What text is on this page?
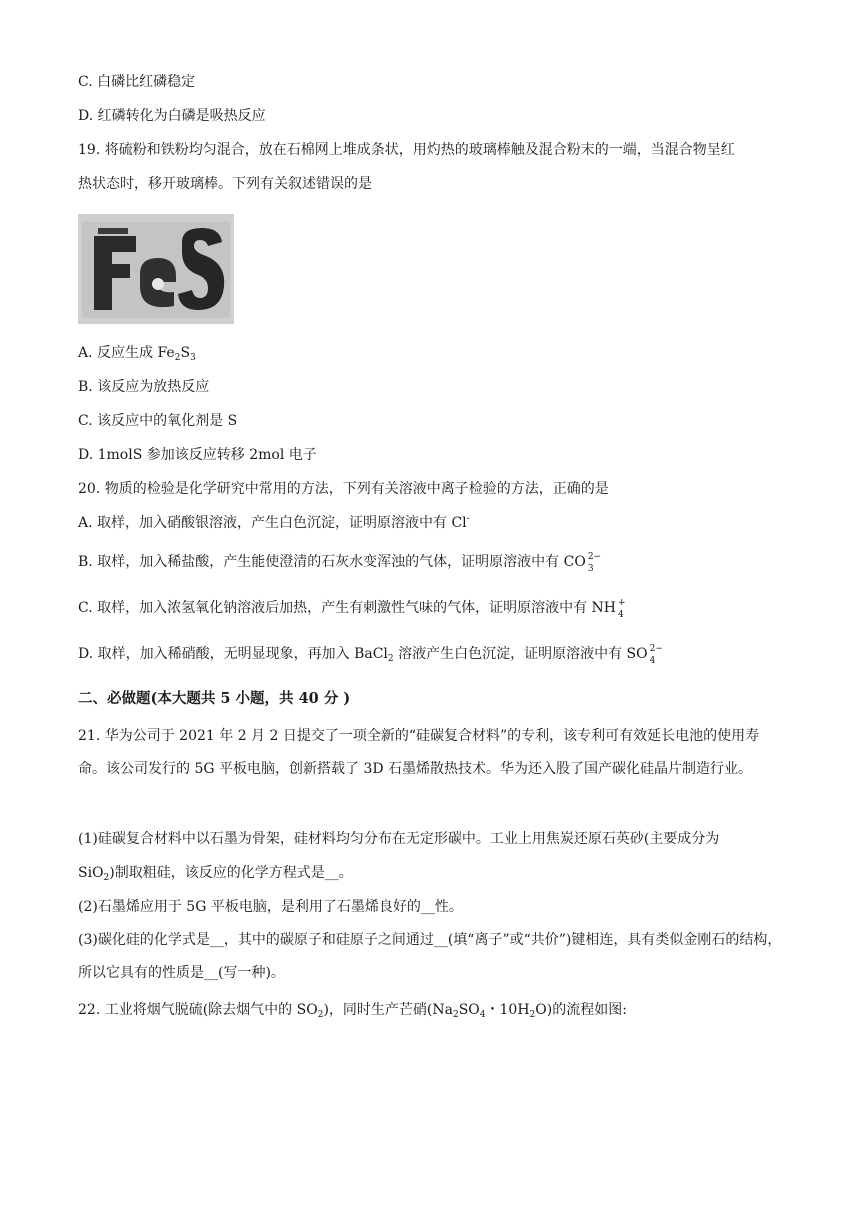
C. 白磷比红磷稳定
D. 红磷转化为白磷是吸热反应
19. 将硫粉和铁粉均匀混合，放在石棉网上堆成条状，用灼热的玻璃棒触及混合粉末的一端，当混合物呈红
热状态时，移开玻璃棒。下列有关叙述错误的是
A. 反应生成 $Fe_2S_3$
B. 该反应为放热反应
C. 该反应中的氧化剂是 S
D. 1molS 参加该反应转移 2mol 电子
20. 物质的检验是化学研究中常用的方法，下列有关溶液中离子检验的方法，正确的是
A. 取样，加入硝酸银溶液，产生白色沉淀，证明原溶液中有 Cl-
B. 取样，加入稀盐酸，产生能使澄清的石灰水变浑浊的气体，证明原溶液中有 CO 2−
3
C. 取样，加入浓氢氧化钠溶液后加热，产生有刺激性气味的气体，证明原溶液中有 NH +
4
D. 取样，加入稀硝酸，无明显现象，再加入 BaCl$_2$ 溶液产生白色沉淀，证明原溶液中有 SO 2−
4
二、必做题(本大题共 5 小题，共 40 分 )
21. 华为公司于 2021 年 2 月 2 日提交了一项全新的“硅碳复合材料”的专利，该专利可有效延长电池的使用寿命。该公司发行的 5G 平板电脑，创新搭载了 3D 石墨烯散热技术。华为还入股了国产碳化硅晶片制造行业。
(1)硅碳复合材料中以石墨为骨架，硅材料均匀分布在无定形碳中。工业上用焦炭还原石英砂(主要成分为
SiO$_2$)制取粗硅，该反应的化学方程式是__。
(2)石墨烯应用于 5G 平板电脑，是利用了石墨烯良好的__性。
(3)碳化硅的化学式是__，其中的碳原子和硅原子之间通过__(填“离子”或“共价”)键相连，具有类似金刚石的结构，所以它具有的性质是__(写一种)。
22. 工业将烟气脱硫(除去烟气中的 $SO_2$)，同时生产芒硝($Na_2SO_4$・$10H_2O$)的流程如图:
